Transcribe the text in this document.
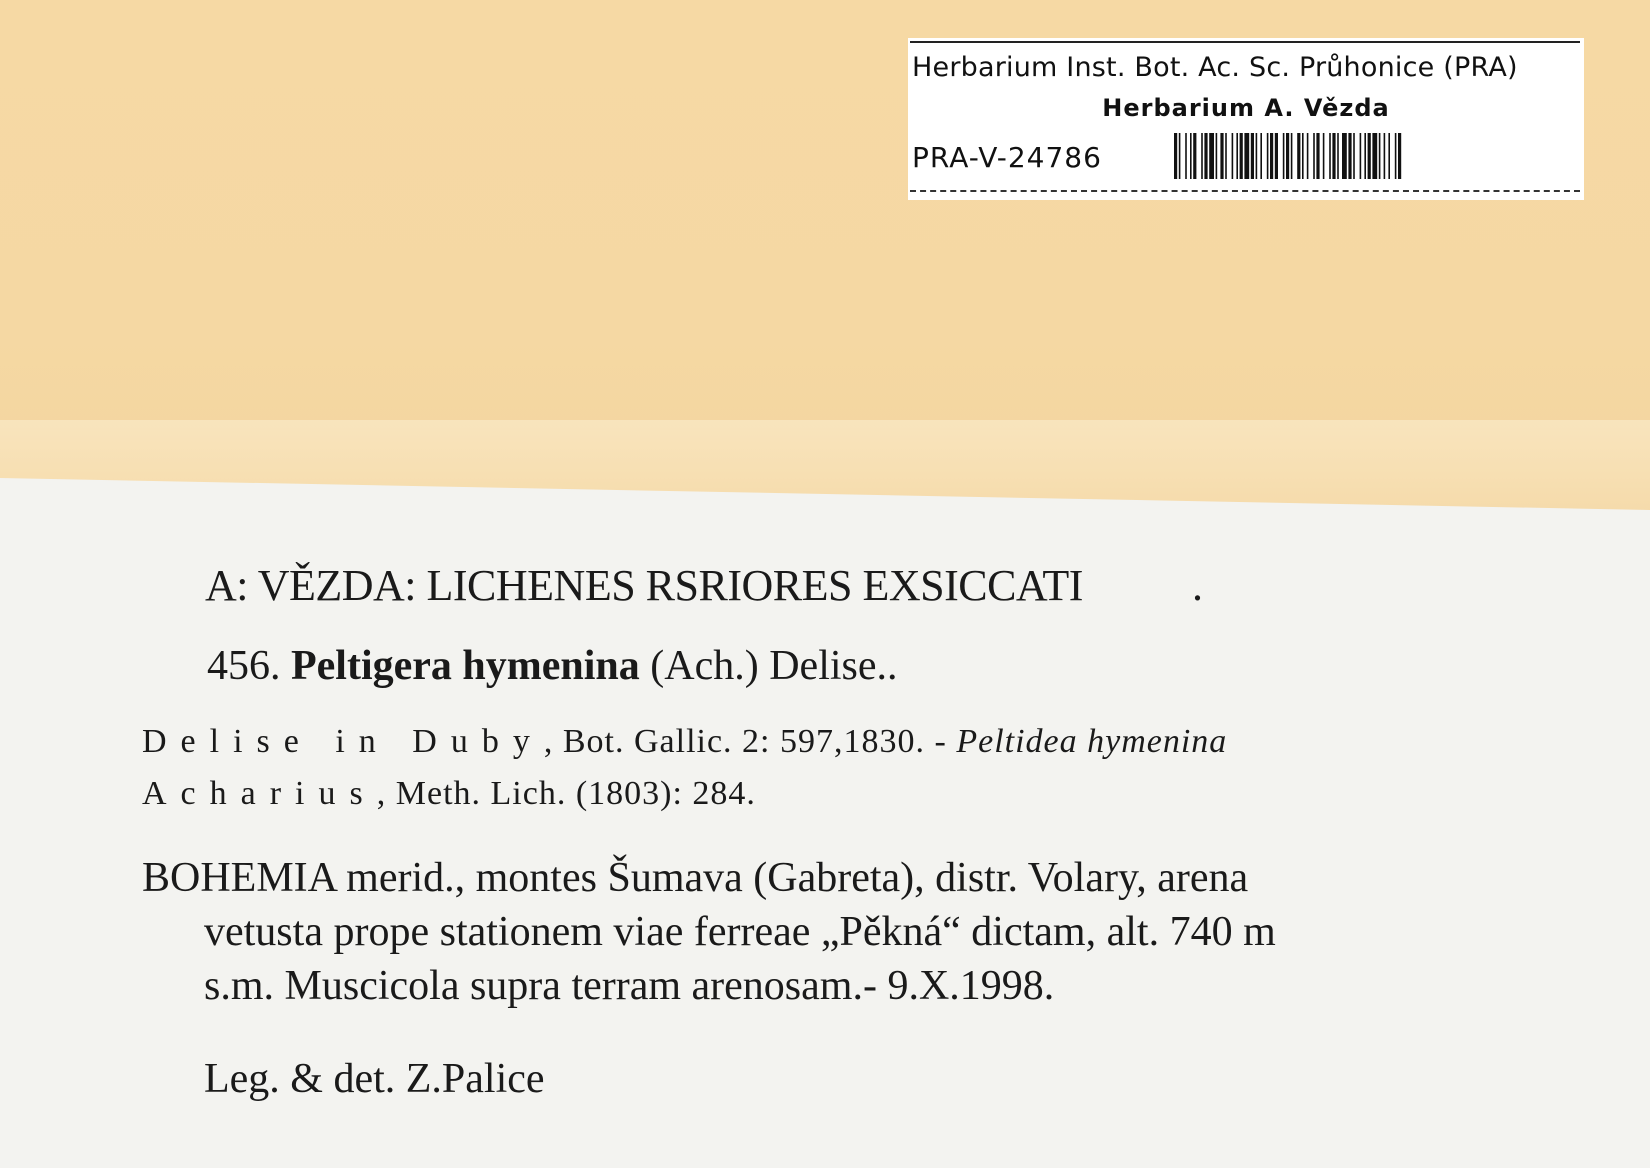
Herbarium Inst. Bot. Ac. Sc. Průhonice (PRA)
Herbarium A. Vězda
PRA-V-24786
A: VĚZDA: LICHENES RSRIORES EXSICCATI .
456. Peltigera hymenina (Ach.) Delise..
Delise in Duby, Bot. Gallic. 2: 597,1830. - Peltidea hymenina
Acharius, Meth. Lich. (1803): 284.
BOHEMIA merid., montes Šumava (Gabreta), distr. Volary, arena
vetusta prope stationem viae ferreae „Pěkná“ dictam, alt. 740 m
s.m. Muscicola supra terram arenosam.- 9.X.1998.
Leg. & det. Z.Palice
